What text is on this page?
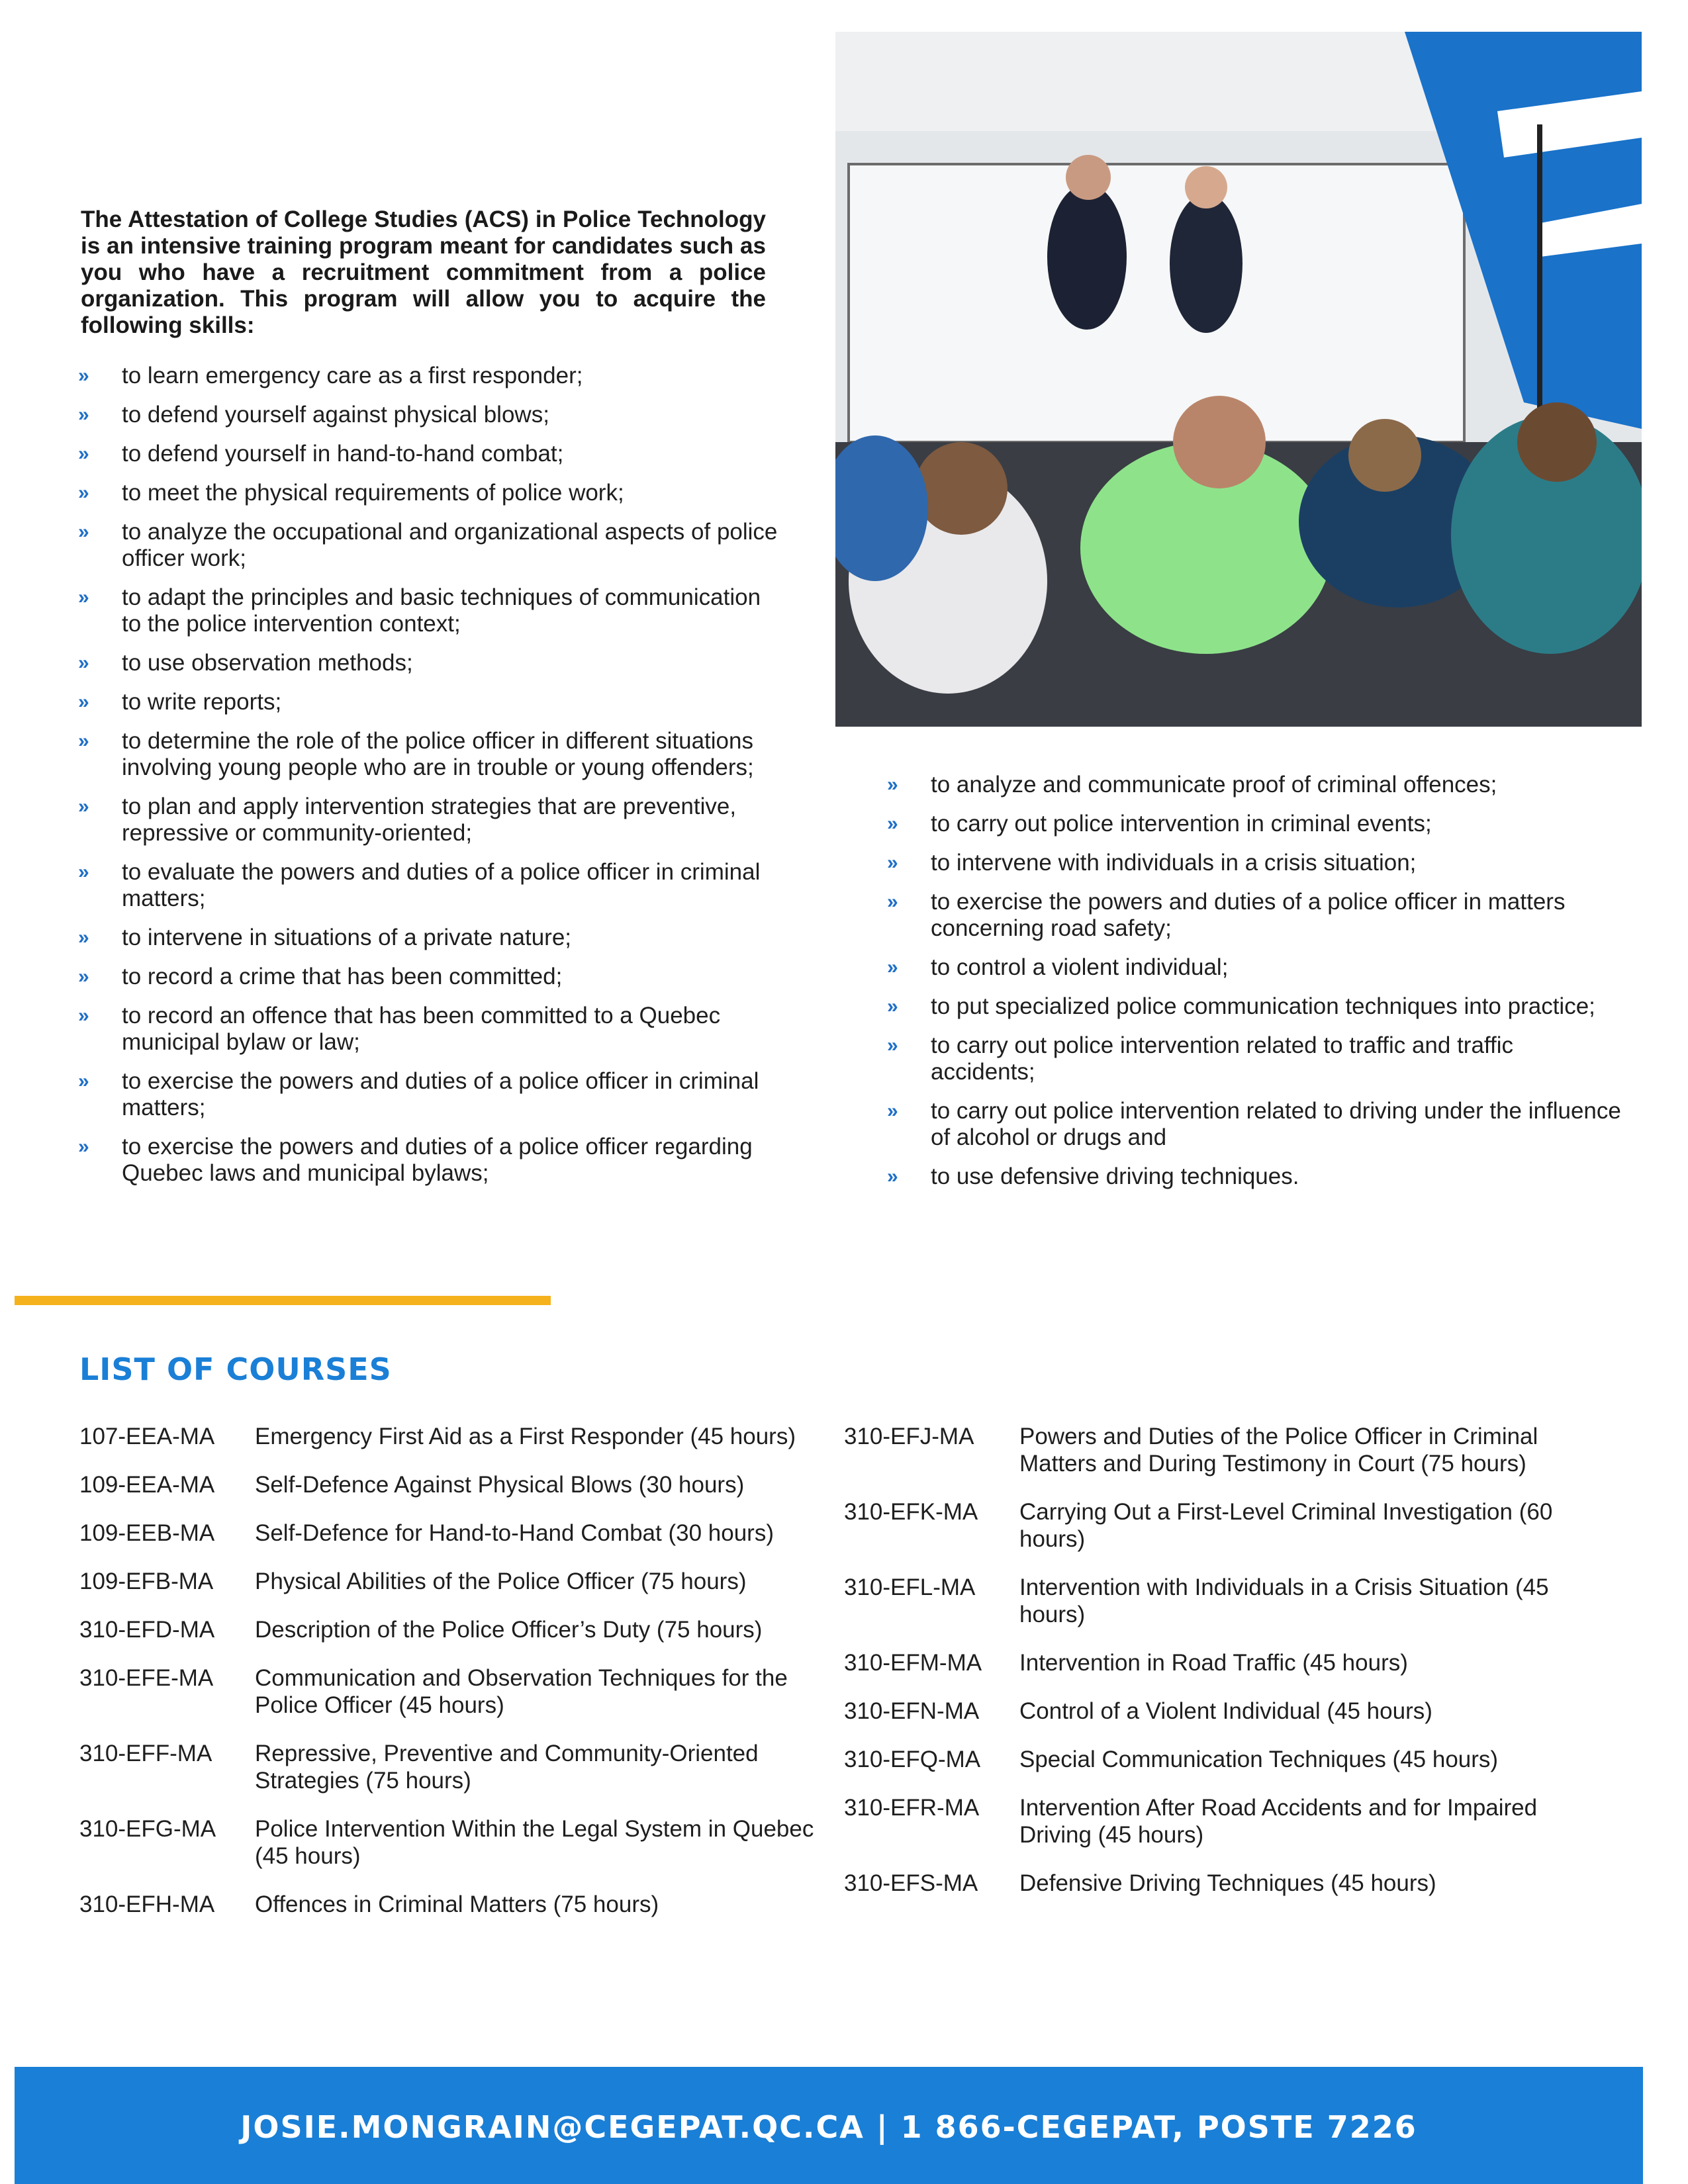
The Attestation of College Studies (ACS) in Police Technology is an intensive training program meant for candidates such as you who have a recruitment commitment from a police organization. This program will allow you to acquire the following skills:

»	to learn emergency care as a first responder;
»	to defend yourself against physical blows;
»	to defend yourself in hand-to-hand combat;
»	to meet the physical requirements of police work;
»	to analyze the occupational and organizational aspects of police officer work;
»	to adapt the principles and basic techniques of communication to the police intervention context;
»	to use observation methods;
»	to write reports;
»	to determine the role of the police officer in different situations involving young people who are in trouble or young offenders;
»	to plan and apply intervention strategies that are preventive, repressive or community-oriented;
»	to evaluate the powers and duties of a police officer in criminal matters;
»	to intervene in situations of a private nature;
»	to record a crime that has been committed;
»	to record an offence that has been committed to a Quebec municipal bylaw or law;
»	to exercise the powers and duties of a police officer in criminal matters;
»	to exercise the powers and duties of a police officer regarding Quebec laws and municipal bylaws;
»	to analyze and communicate proof of criminal offences;
»	to carry out police intervention in criminal events;
»	to intervene with individuals in a crisis situation;
»	to exercise the powers and duties of a police officer in matters concerning road safety;
»	to control a violent individual;
»	to put specialized police communication techniques into practice;
»	to carry out police intervention related to traffic and traffic accidents;
»	to carry out police intervention related to driving under the influence of alcohol or drugs and
»	to use defensive driving techniques.
LIST OF COURSES
107-EEA-MA	Emergency First Aid as a First Responder (45 hours)
109-EEA-MA	Self-Defence Against Physical Blows (30 hours)
109-EEB-MA	Self-Defence for Hand-to-Hand Combat (30 hours)
109-EFB-MA	Physical Abilities of the Police Officer (75 hours)
310-EFD-MA	Description of the Police Officer’s Duty (75 hours)
310-EFE-MA	Communication and Observation Techniques for the Police Officer (45 hours)
310-EFF-MA	Repressive, Preventive and Community-Oriented Strategies (75 hours)
310-EFG-MA	Police Intervention Within the Legal System in Quebec (45 hours)
310-EFH-MA	Offences in Criminal Matters (75 hours)
310-EFJ-MA	Powers and Duties of the Police Officer in Criminal Matters and During Testimony in Court (75 hours)
310-EFK-MA	Carrying Out a First-Level Criminal Investigation (60 hours)
310-EFL-MA	Intervention with Individuals in a Crisis Situation (45 hours)
310-EFM-MA	Intervention in Road Traffic (45 hours)
310-EFN-MA	Control of a Violent Individual (45 hours)
310-EFQ-MA	Special Communication Techniques (45 hours)
310-EFR-MA	Intervention After Road Accidents and for Impaired Driving (45 hours)
310-EFS-MA	Defensive Driving Techniques (45 hours)
JOSIE.MONGRAIN@CEGEPAT.QC.CA | 1 866-CEGEPAT, POSTE 7226
